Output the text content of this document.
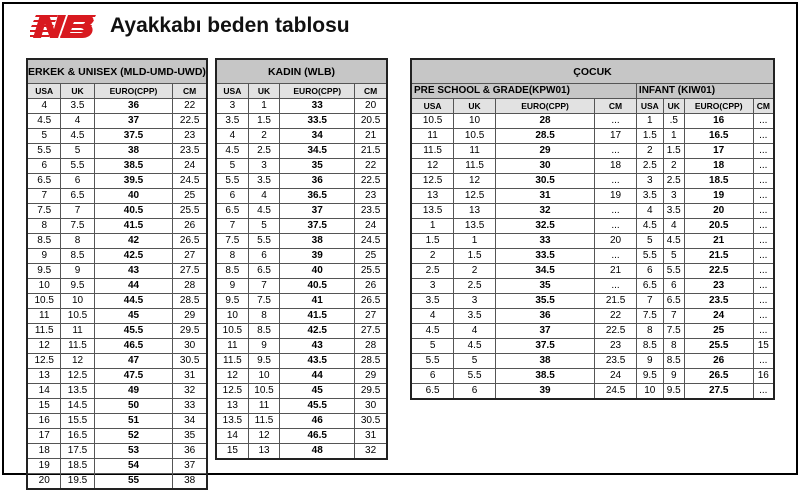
Ayakkabı beden tablosu
ERKEK & UNISEX (MLD-UMD-UWD)			
USA	UK	EURO(CPP)	CM
4	3.5	36	22
4.5	4	37	22.5
5	4.5	37.5	23
5.5	5	38	23.5
6	5.5	38.5	24
6.5	6	39.5	24.5
7	6.5	40	25
7.5	7	40.5	25.5
8	7.5	41.5	26
8.5	8	42	26.5
9	8.5	42.5	27
9.5	9	43	27.5
10	9.5	44	28
10.5	10	44.5	28.5
11	10.5	45	29
11.5	11	45.5	29.5
12	11.5	46.5	30
12.5	12	47	30.5
13	12.5	47.5	31
14	13.5	49	32
15	14.5	50	33
16	15.5	51	34
17	16.5	52	35
18	17.5	53	36
19	18.5	54	37
20	19.5	55	38
KADIN (WLB)			
USA	UK	EURO(CPP)	CM
3	1	33	20
3.5	1.5	33.5	20.5
4	2	34	21
4.5	2.5	34.5	21.5
5	3	35	22
5.5	3.5	36	22.5
6	4	36.5	23
6.5	4.5	37	23.5
7	5	37.5	24
7.5	5.5	38	24.5
8	6	39	25
8.5	6.5	40	25.5
9	7	40.5	26
9.5	7.5	41	26.5
10	8	41.5	27
10.5	8.5	42.5	27.5
11	9	43	28
11.5	9.5	43.5	28.5
12	10	44	29
12.5	10.5	45	29.5
13	11	45.5	30
13.5	11.5	46	30.5
14	12	46.5	31
15	13	48	32
ÇOCUK							
PRE SCHOOL & GRADE(KPW01)				INFANT (KIW01)			
USA	UK	EURO(CPP)	CM	USA	UK	EURO(CPP)	CM
10.5	10	28	...	1	.5	16	...
11	10.5	28.5	17	1.5	1	16.5	...
11.5	11	29	...	2	1.5	17	...
12	11.5	30	18	2.5	2	18	...
12.5	12	30.5	...	3	2.5	18.5	...
13	12.5	31	19	3.5	3	19	...
13.5	13	32	...	4	3.5	20	...
1	13.5	32.5	...	4.5	4	20.5	...
1.5	1	33	20	5	4.5	21	...
2	1.5	33.5	...	5.5	5	21.5	...
2.5	2	34.5	21	6	5.5	22.5	...
3	2.5	35	...	6.5	6	23	...
3.5	3	35.5	21.5	7	6.5	23.5	...
4	3.5	36	22	7.5	7	24	...
4.5	4	37	22.5	8	7.5	25	...
5	4.5	37.5	23	8.5	8	25.5	15
5.5	5	38	23.5	9	8.5	26	...
6	5.5	38.5	24	9.5	9	26.5	16
6.5	6	39	24.5	10	9.5	27.5	...
